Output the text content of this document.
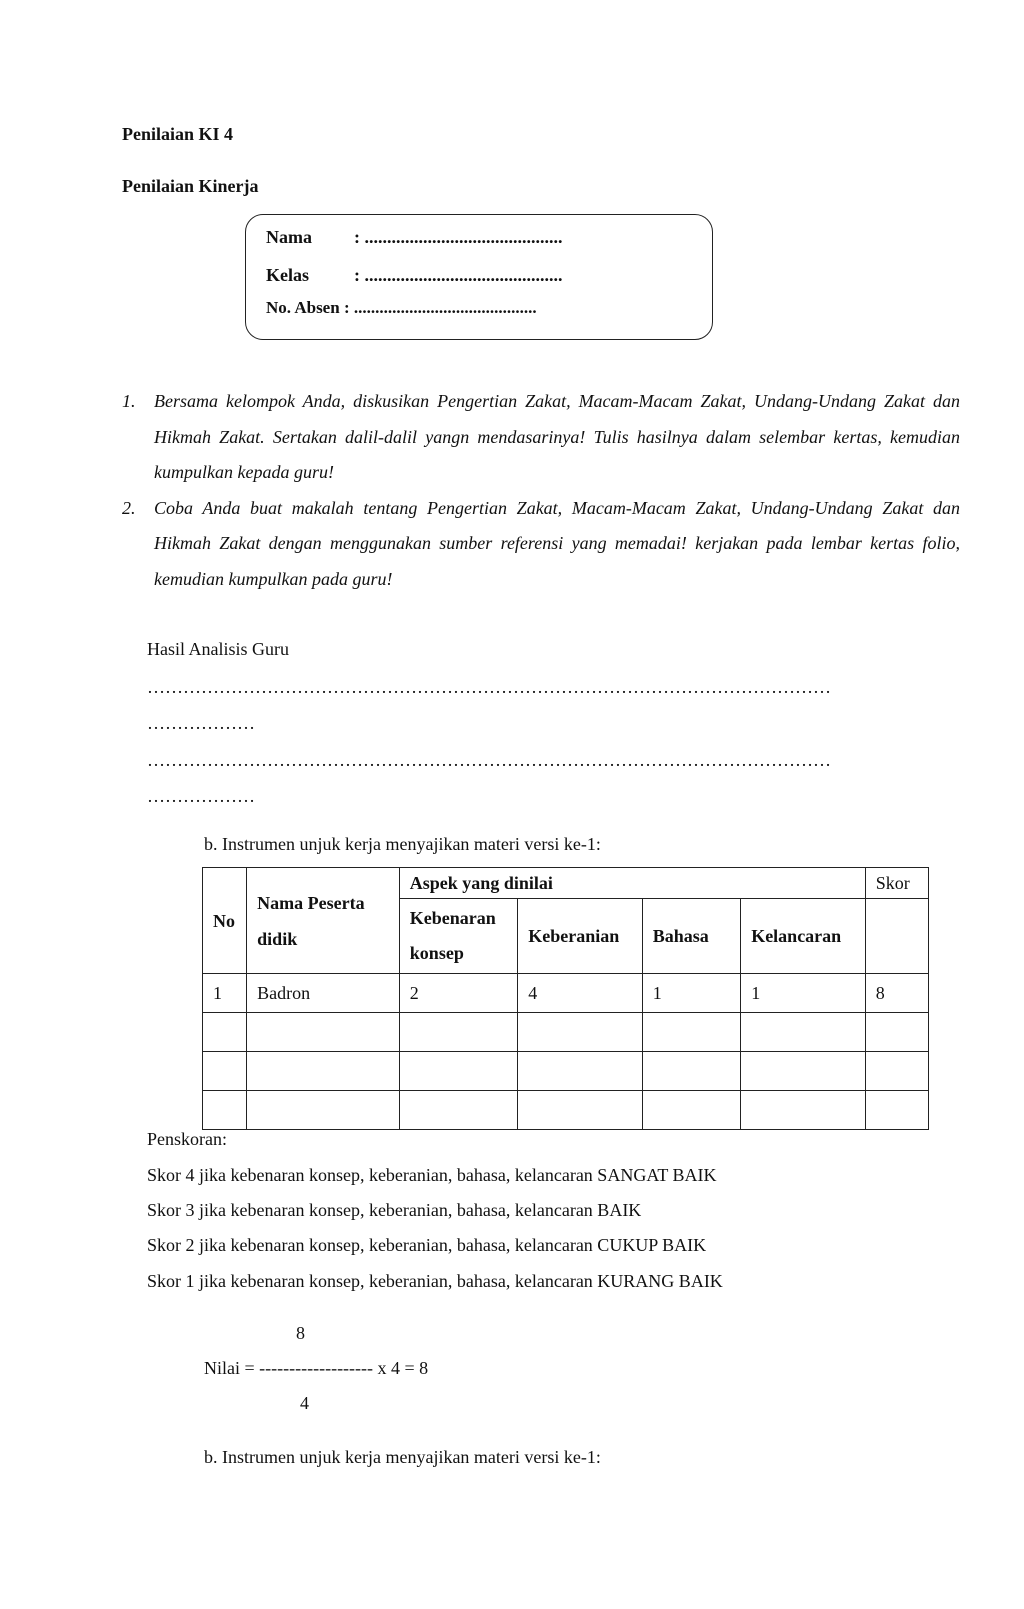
Penilaian KI 4
Penilaian Kinerja
Nama : ............................................
Kelas	: ............................................
No. Absen : ...........................................
1. Bersama kelompok Anda, diskusikan Pengertian Zakat, Macam-Macam Zakat, Undang-Undang Zakat dan Hikmah Zakat. Sertakan dalil-dalil yangn mendasarinya! Tulis hasilnya dalam selembar kertas, kemudian kumpulkan kepada guru!
2. Coba Anda buat makalah tentang Pengertian Zakat, Macam-Macam Zakat, Undang-Undang Zakat dan Hikmah Zakat dengan menggunakan sumber referensi yang memadai! kerjakan pada lembar kertas folio, kemudian kumpulkan pada guru!
Hasil Analisis Guru
……………………………………………………………………………………………………
………………
……………………………………………………………………………………………………
………………
b. Instrumen unjuk kerja menyajikan materi versi ke-1:
No	Nama Peserta didik	Aspek yang dinilai				Skor
		Kebenaran konsep	Keberanian	Bahasa	Kelancaran	
1	Badron	2	4	1	1	8

Penskoran:
Skor 4 jika kebenaran konsep, keberanian, bahasa, kelancaran SANGAT BAIK
Skor 3 jika kebenaran konsep, keberanian, bahasa, kelancaran BAIK
Skor 2 jika kebenaran konsep, keberanian, bahasa, kelancaran CUKUP BAIK
Skor 1 jika kebenaran konsep, keberanian, bahasa, kelancaran KURANG BAIK
8
Nilai = ------------------- x 4 = 8
4
b. Instrumen unjuk kerja menyajikan materi versi ke-1:
